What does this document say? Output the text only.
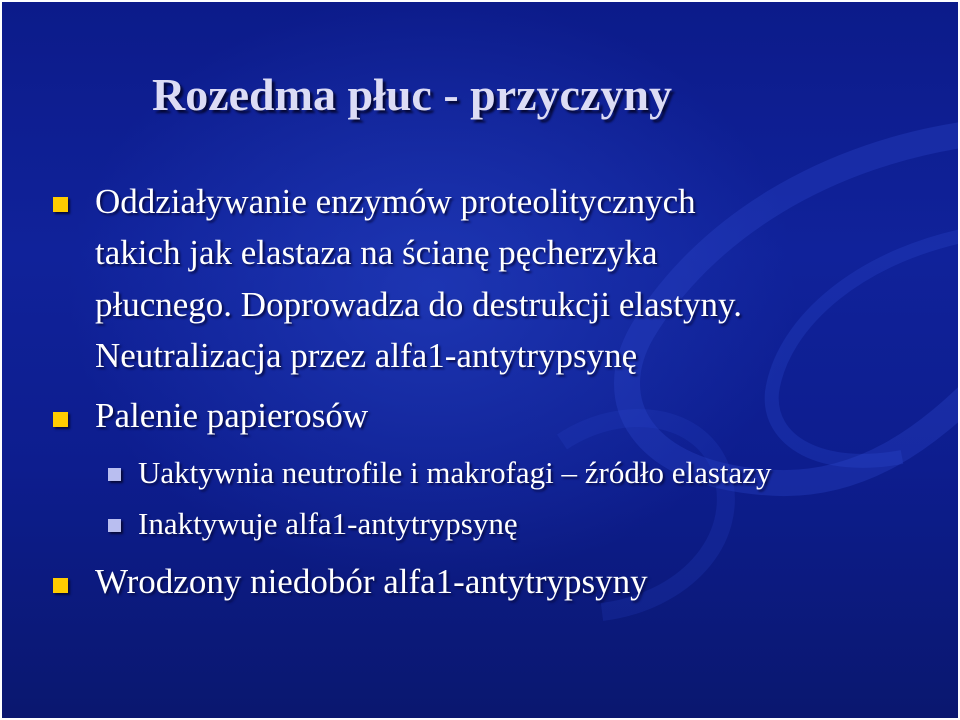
Rozedma płuc - przyczyny
Oddziaływanie enzymów proteolitycznych
takich jak elastaza na ścianę pęcherzyka
płucnego. Doprowadza do destrukcji elastyny.
Neutralizacja przez alfa1-antytrypsynę
Palenie papierosów
Uaktywnia neutrofile i makrofagi – źródło elastazy
Inaktywuje alfa1-antytrypsynę
Wrodzony niedobór alfa1-antytrypsyny
